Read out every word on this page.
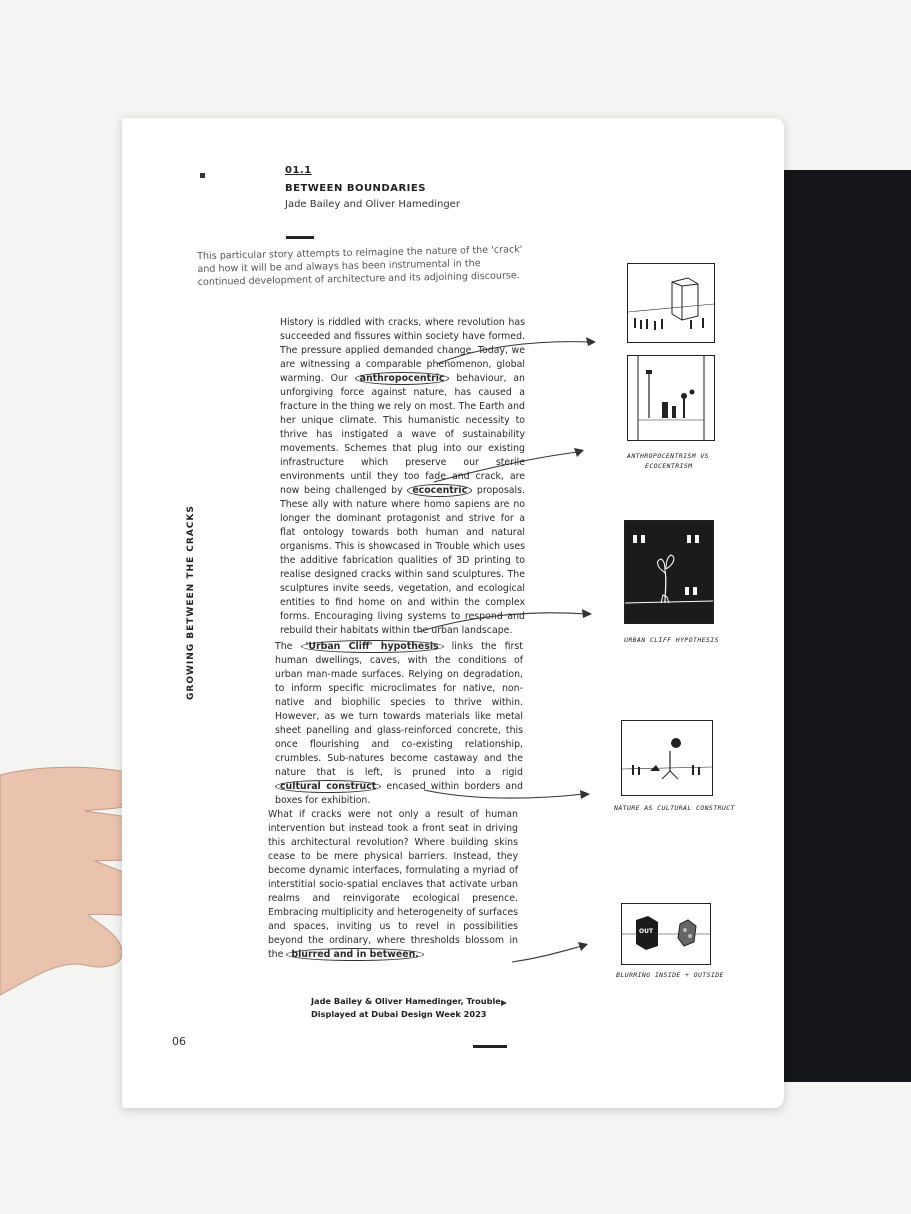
01.1
BETWEEN BOUNDARIES
Jade Bailey and Oliver Hamedinger
This particular story attempts to reimagine the nature of the 'crack' and how it will be and always has been instrumental in the continued development of architecture and its adjoining discourse.
History is riddled with cracks, where revolution has succeeded and fissures within society have formed. The pressure applied demanded change. Today, we are witnessing a comparable phenomenon, global warming. Our anthropocentric behaviour, an unforgiving force against nature, has caused a fracture in the thing we rely on most. The Earth and her unique climate. This humanistic necessity to thrive has instigated a wave of sustainability movements. Schemes that plug into our existing infrastructure which preserve our sterile environments until they too fade and crack, are now being challenged by ecocentric proposals. These ally with nature where homo sapiens are no longer the dominant protagonist and strive for a flat ontology towards both human and natural organisms. This is showcased in Trouble which uses the additive fabrication qualities of 3D printing to realise designed cracks within sand sculptures. The sculptures invite seeds, vegetation, and ecological entities to find home on and within the complex forms. Encouraging living systems to respond and rebuild their habitats within the urban landscape.
The 'Urban Cliff' hypothesis links the first human dwellings, caves, with the conditions of urban man-made surfaces. Relying on degradation, to inform specific microclimates for native, non-native and biophilic species to thrive within. However, as we turn towards materials like metal sheet panelling and glass-reinforced concrete, this once flourishing and co-existing relationship, crumbles. Sub-natures become castaway and the nature that is left, is pruned into a rigid cultural construct encased within borders and boxes for exhibition.
What if cracks were not only a result of human intervention but instead took a front seat in driving this architectural revolution? Where building skins cease to be mere physical barriers. Instead, they become dynamic interfaces, formulating a myriad of interstitial socio-spatial enclaves that activate urban realms and reinvigorate ecological presence. Embracing multiplicity and heterogeneity of surfaces and spaces, inviting us to revel in possibilities beyond the ordinary, where thresholds blossom in the blurred and in between.
GROWING BETWEEN THE CRACKS
Jade Bailey & Oliver Hamedinger, Trouble.
Displayed at Dubai Design Week 2023
06
ANTHROPOCENTRISM VS
ECOCENTRISM
URBAN CLIFF HYPOTHESIS
NATURE AS CULTURAL CONSTRUCT
OUT
BLURRING INSIDE + OUTSIDE
